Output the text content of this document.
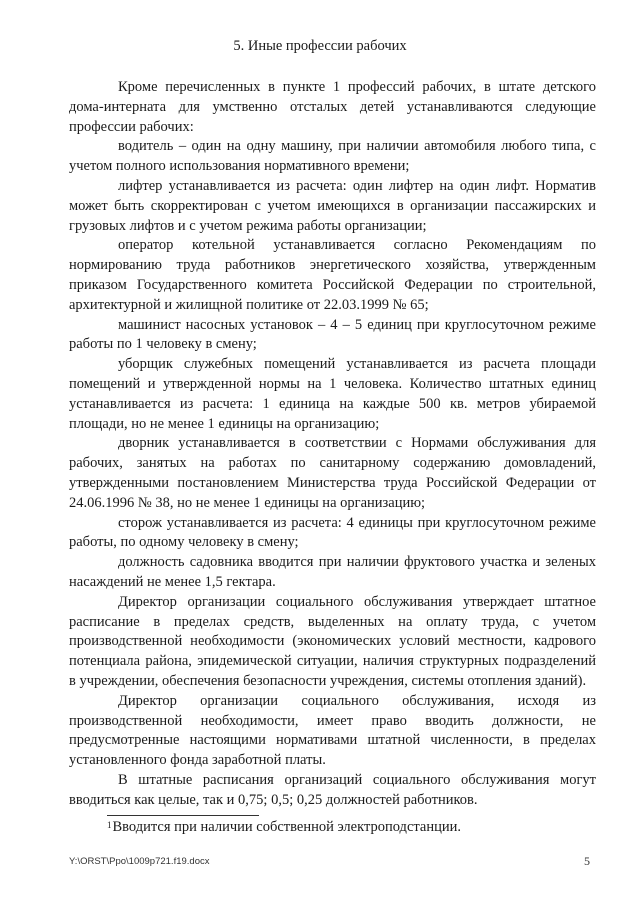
5. Иные профессии рабочих

Кроме перечисленных в пункте 1 профессий рабочих, в штате детского дома-интерната для умственно отсталых детей устанавливаются следующие профессии рабочих:

водитель – один на одну машину, при наличии автомобиля любого типа, с учетом полного использования нормативного времени;

лифтер устанавливается из расчета: один лифтер на один лифт. Норматив может быть скорректирован с учетом имеющихся в организации пассажирских и грузовых лифтов и с учетом режима работы организации;

оператор котельной устанавливается согласно Рекомендациям по нормированию труда работников энергетического хозяйства, утвержденным приказом Государственного комитета Российской Федерации по строительной, архитектурной и жилищной политике от 22.03.1999 № 65;

машинист насосных установок – 4 – 5 единиц при круглосуточном режиме работы по 1 человеку в смену;

уборщик служебных помещений устанавливается из расчета площади помещений и утвержденной нормы на 1 человека. Количество штатных единиц устанавливается из расчета: 1 единица на каждые 500 кв. метров убираемой площади, но не менее 1 единицы на организацию;

дворник устанавливается в соответствии с Нормами обслуживания для рабочих, занятых на работах по санитарному содержанию домовладений, утвержденными постановлением Министерства труда Российской Федерации от 24.06.1996 № 38, но не менее 1 единицы на организацию;

сторож устанавливается из расчета: 4 единицы при круглосуточном режиме работы, по одному человеку в смену;

должность садовника вводится при наличии фруктового участка и зеленых насаждений не менее 1,5 гектара.

Директор организации социального обслуживания утверждает штатное расписание в пределах средств, выделенных на оплату труда, с учетом производственной необходимости (экономических условий местности, кадрового потенциала района, эпидемической ситуации, наличия структурных подразделений в учреждении, обеспечения безопасности учреждения, системы отопления зданий).

Директор организации социального обслуживания, исходя из производственной необходимости, имеет право вводить должности, не предусмотренные настоящими нормативами штатной численности, в пределах установленного фонда заработной платы.

В штатные расписания организаций социального обслуживания могут вводиться как целые, так и 0,75; 0,5; 0,25 должностей работников.

$^1$Вводится при наличии собственной электроподстанции.
Y:\ORST\Ppo\1009p721.f19.docx	5
